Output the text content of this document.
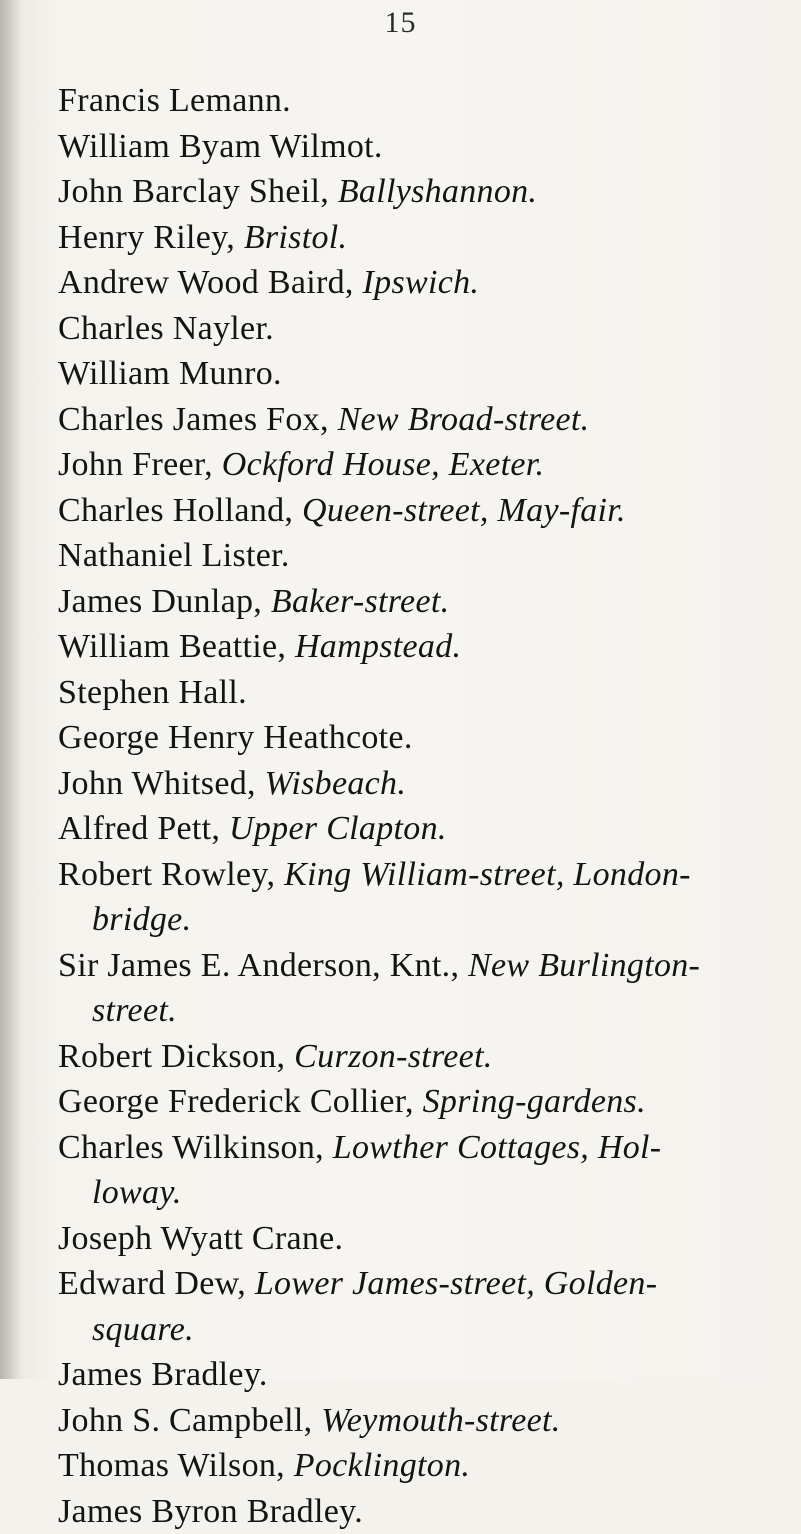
15
Francis Lemann.
William Byam Wilmot.
John Barclay Sheil, Ballyshannon.
Henry Riley, Bristol.
Andrew Wood Baird, Ipswich.
Charles Nayler.
William Munro.
Charles James Fox, New Broad-street.
John Freer, Ockford House, Exeter.
Charles Holland, Queen-street, May-fair.
Nathaniel Lister.
James Dunlap, Baker-street.
William Beattie, Hampstead.
Stephen Hall.
George Henry Heathcote.
John Whitsed, Wisbeach.
Alfred Pett, Upper Clapton.
Robert Rowley, King William-street, London-
bridge.
Sir James E. Anderson, Knt., New Burlington-
street.
Robert Dickson, Curzon-street.
George Frederick Collier, Spring-gardens.
Charles Wilkinson, Lowther Cottages, Hol-
loway.
Joseph Wyatt Crane.
Edward Dew, Lower James-street, Golden-
square.
James Bradley.
John S. Campbell, Weymouth-street.
Thomas Wilson, Pocklington.
James Byron Bradley.
